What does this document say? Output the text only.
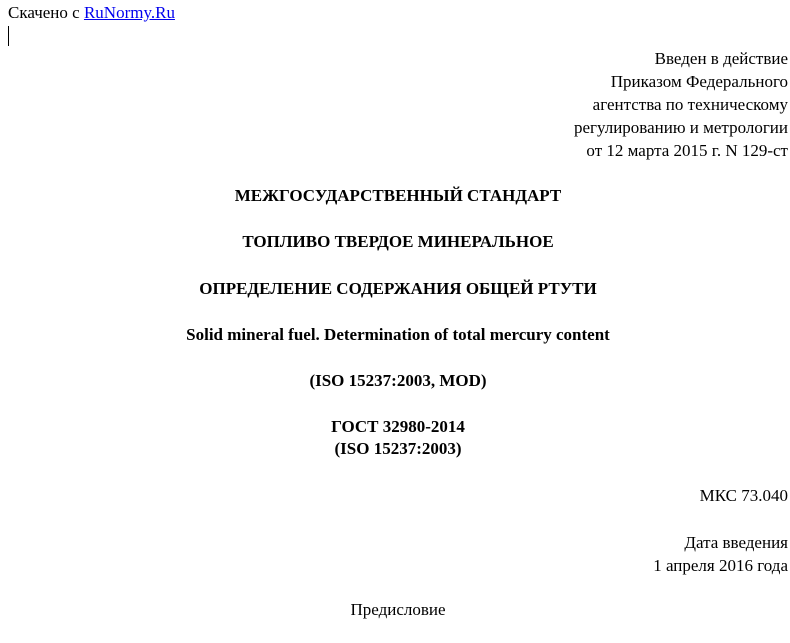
Скачено с RuNormy.Ru
Введен в действие
Приказом Федерального
агентства по техническому
регулированию и метрологии
от 12 марта 2015 г. N 129-ст
МЕЖГОСУДАРСТВЕННЫЙ СТАНДАРТ
ТОПЛИВО ТВЕРДОЕ МИНЕРАЛЬНОЕ
ОПРЕДЕЛЕНИЕ СОДЕРЖАНИЯ ОБЩЕЙ РТУТИ
Solid mineral fuel. Determination of total mercury content
(ISO 15237:2003, MOD)
ГОСТ 32980-2014
(ISO 15237:2003)
МКС 73.040
Дата введения
1 апреля 2016 года
Предисловие
